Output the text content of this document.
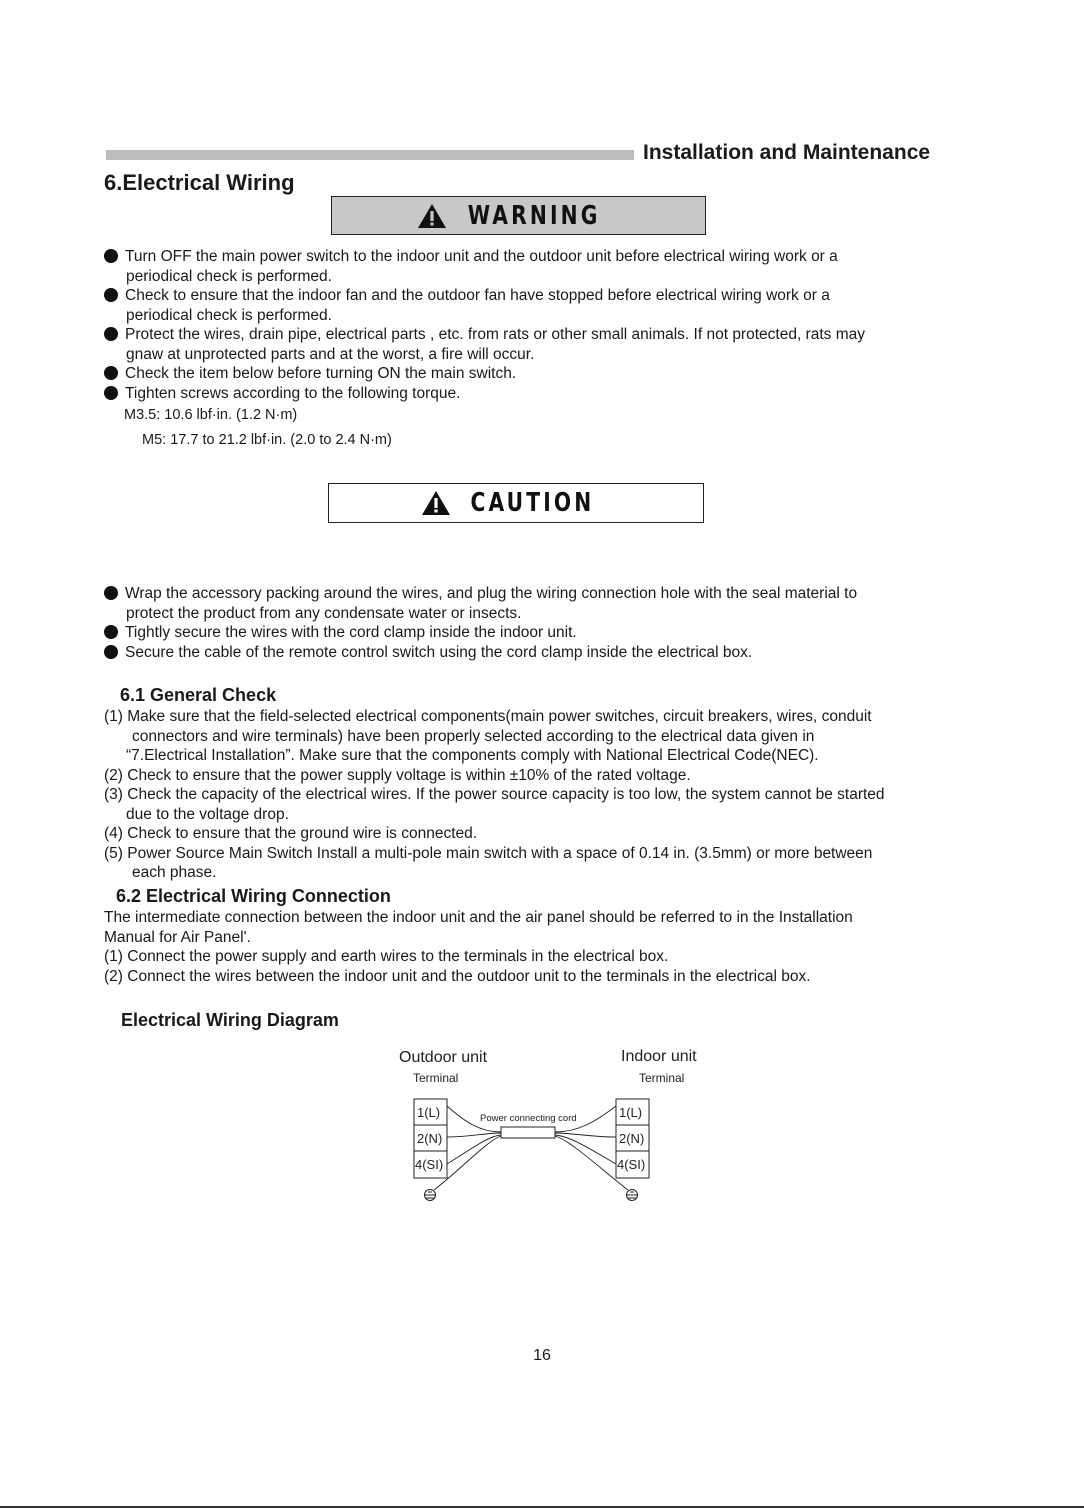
Installation and Maintenance
6.Electrical Wiring
WARNING

Turn OFF the main power switch to the indoor unit and the outdoor unit before electrical wiring work or a

periodical check is performed.

Check to ensure that the indoor fan and the outdoor fan have stopped before electrical wiring work or a

periodical check is performed.

Protect the wires, drain pipe, electrical parts , etc. from rats or other small animals. If not protected, rats may

gnaw at unprotected parts and at the worst, a fire will occur.

Check the item below before turning ON the main switch.

Tighten screws according to the following torque.

M3.5: 10.6 lbf·in. (1.2 N·m)
M5: 17.7 to 21.2 lbf·in. (2.0 to 2.4 N·m)
CAUTION

Wrap the accessory packing around the wires, and plug the wiring connection hole with the seal material to

protect the product from any condensate water or insects.

Tightly secure the wires with the cord clamp inside the indoor unit.

Secure the cable of the remote control switch using the cord clamp inside the electrical box.

6.1 General Check

(1) Make sure that the field-selected electrical components(main power switches, circuit breakers, wires, conduit

connectors and wire terminals) have been properly selected according to the electrical data given in

“7.Electrical Installation”. Make sure that the components comply with National Electrical Code(NEC).

(2) Check to ensure that the power supply voltage is within ±10% of the rated voltage.

(3) Check the capacity of the electrical wires. If the power source capacity is too low, the system cannot be started

due to the voltage drop.

(4) Check to ensure that the ground wire is connected.

(5) Power Source Main Switch Install a multi-pole main switch with a space of 0.14 in. (3.5mm) or more between

each phase.

6.2 Electrical Wiring Connection

The intermediate connection between the indoor unit and the air panel should be referred to in the Installation

Manual for Air Panel'.

(1) Connect the power supply and earth wires to the terminals in the electrical box.

(2) Connect the wires between the indoor unit and the outdoor unit to the terminals in the electrical box.

Electrical Wiring Diagram
Outdoor unit	Indoor unit
Terminal	Terminal
Power connecting cord
1(L)
2(N)
4(SI)
1(L)
2(N)
4(SI)
16
